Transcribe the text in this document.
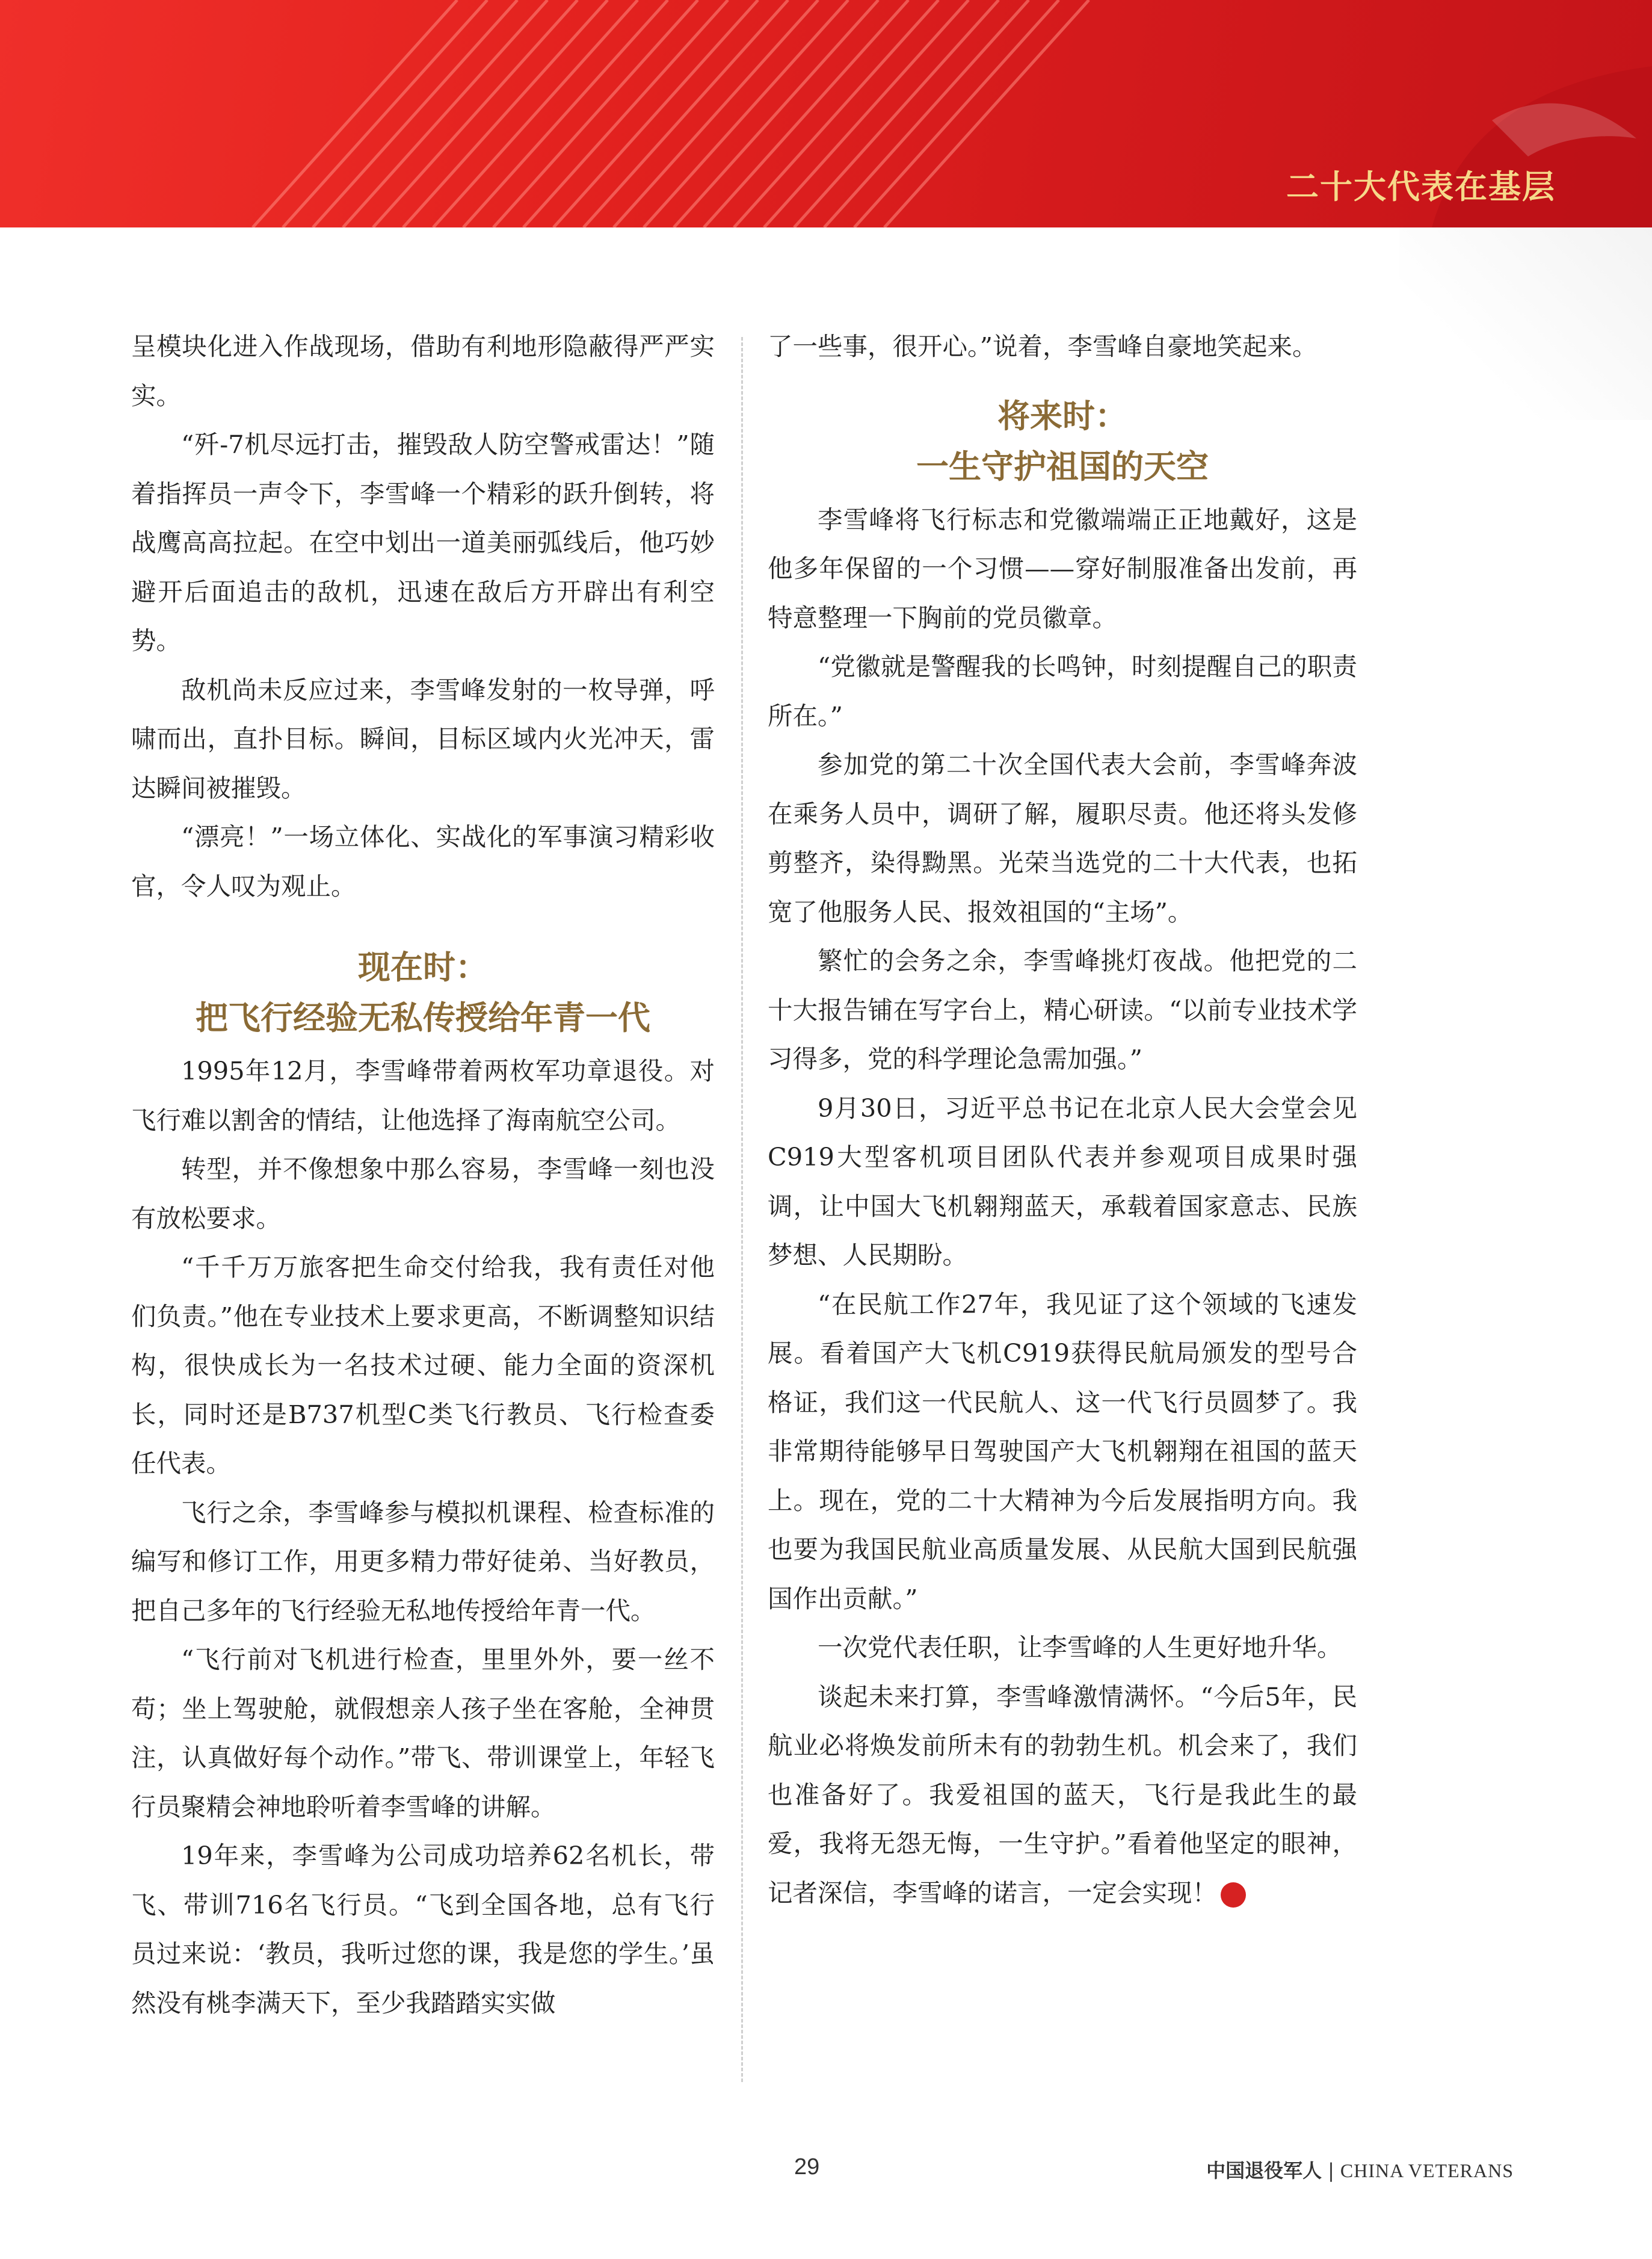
二十大代表在基层

呈模块化进入作战现场，借助有利地形隐蔽得严严实实。

“歼-7机尽远打击，摧毁敌人防空警戒雷达！”随着指挥员一声令下，李雪峰一个精彩的跃升倒转，将战鹰高高拉起。在空中划出一道美丽弧线后，他巧妙避开后面追击的敌机，迅速在敌后方开辟出有利空势。

敌机尚未反应过来，李雪峰发射的一枚导弹，呼啸而出，直扑目标。瞬间，目标区域内火光冲天，雷达瞬间被摧毁。

“漂亮！”一场立体化、实战化的军事演习精彩收官，令人叹为观止。

现在时：
把飞行经验无私传授给年青一代

1995年12月，李雪峰带着两枚军功章退役。对飞行难以割舍的情结，让他选择了海南航空公司。

转型，并不像想象中那么容易，李雪峰一刻也没有放松要求。

“千千万万旅客把生命交付给我，我有责任对他们负责。”他在专业技术上要求更高，不断调整知识结构，很快成长为一名技术过硬、能力全面的资深机长，同时还是B737机型C类飞行教员、飞行检查委任代表。

飞行之余，李雪峰参与模拟机课程、检查标准的编写和修订工作，用更多精力带好徒弟、当好教员，把自己多年的飞行经验无私地传授给年青一代。

“飞行前对飞机进行检查，里里外外，要一丝不苟；坐上驾驶舱，就假想亲人孩子坐在客舱，全神贯注，认真做好每个动作。”带飞、带训课堂上，年轻飞行员聚精会神地聆听着李雪峰的讲解。

19年来，李雪峰为公司成功培养62名机长，带飞、带训716名飞行员。“飞到全国各地，总有飞行员过来说：‘教员，我听过您的课，我是您的学生。’虽然没有桃李满天下，至少我踏踏实实做

了一些事，很开心。”说着，李雪峰自豪地笑起来。

将来时：
一生守护祖国的天空

李雪峰将飞行标志和党徽端端正正地戴好，这是他多年保留的一个习惯——穿好制服准备出发前，再特意整理一下胸前的党员徽章。

“党徽就是警醒我的长鸣钟，时刻提醒自己的职责所在。”

参加党的第二十次全国代表大会前，李雪峰奔波在乘务人员中，调研了解，履职尽责。他还将头发修剪整齐，染得黝黑。光荣当选党的二十大代表，也拓宽了他服务人民、报效祖国的“主场”。

繁忙的会务之余，李雪峰挑灯夜战。他把党的二十大报告铺在写字台上，精心研读。“以前专业技术学习得多，党的科学理论急需加强。”

9月30日，习近平总书记在北京人民大会堂会见C919大型客机项目团队代表并参观项目成果时强调，让中国大飞机翱翔蓝天，承载着国家意志、民族梦想、人民期盼。

“在民航工作27年，我见证了这个领域的飞速发展。看着国产大飞机C919获得民航局颁发的型号合格证，我们这一代民航人、这一代飞行员圆梦了。我非常期待能够早日驾驶国产大飞机翱翔在祖国的蓝天上。现在，党的二十大精神为今后发展指明方向。我也要为我国民航业高质量发展、从民航大国到民航强国作出贡献。”

一次党代表任职，让李雪峰的人生更好地升华。

谈起未来打算，李雪峰激情满怀。“今后5年，民航业必将焕发前所未有的勃勃生机。机会来了，我们也准备好了。我爱祖国的蓝天，飞行是我此生的最爱，我将无怨无悔，一生守护。”看着他坚定的眼神，记者深信，李雪峰的诺言，一定会实现！	V

29	中国退役军人 | CHINA VETERANS
